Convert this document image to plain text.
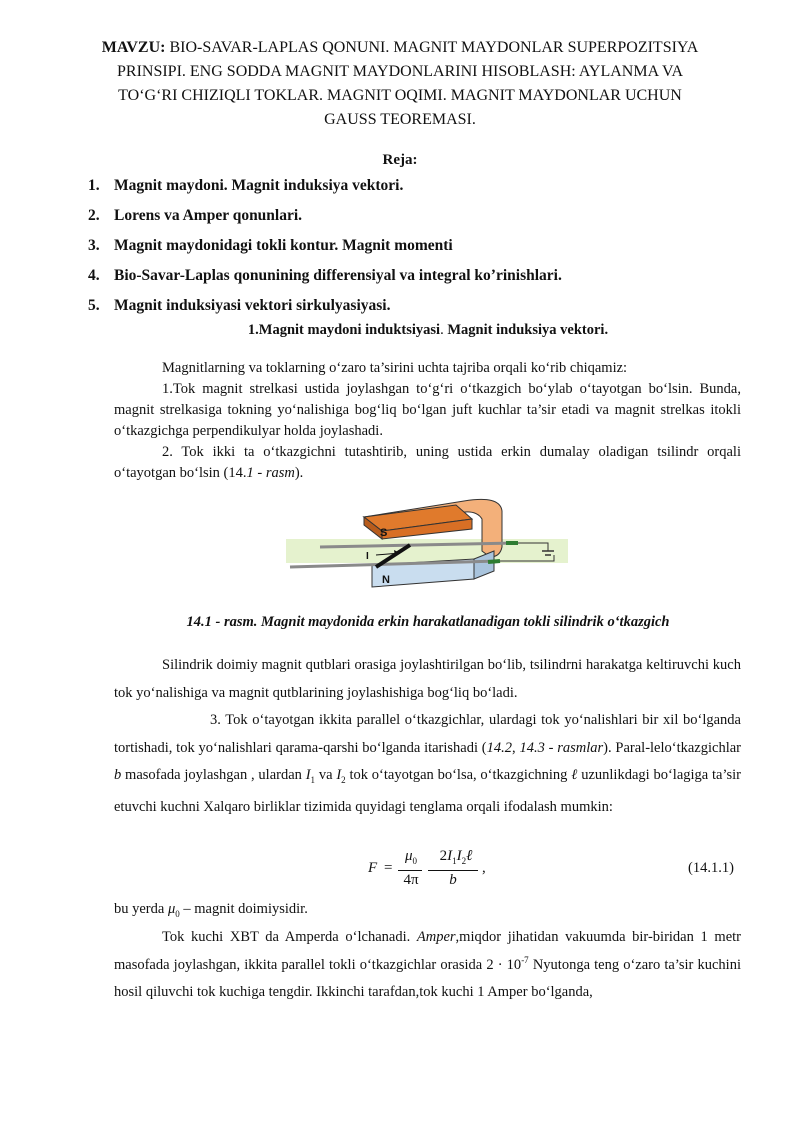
MAVZU: BIO-SAVAR-LAPLAS QONUNI. MAGNIT MAYDONLAR SUPERPOZITSIYA PRINSIPI. ENG SODDA MAGNIT MAYDONLARINI HISOBLASH: AYLANMA VA TO‘G‘RI CHIZIQLI TOKLAR. MAGNIT OQIMI. MAGNIT MAYDONLAR UCHUN GAUSS TEOREMASI.
Reja:
1. Magnit maydoni. Magnit induksiya vektori.
2. Lorens va Amper qonunlari.
3. Magnit maydonidagi tokli kontur. Magnit momenti
4. Bio-Savar-Laplas qonunining differensiyal va integral ko’rinishlari.
5. Magnit induksiyasi vektori sirkulyasiyasi.
1.Magnit maydoni induktsiyasi. Magnit induksiya vektori.

Magnitlarning va toklarning o‘zaro ta’sirini uchta tajriba orqali ko‘rib chiqamiz:

1.Tok magnit strelkasi ustida joylashgan to‘g‘ri o‘tkazgich bo‘ylab o‘tayotgan bo‘lsin. Bunda, magnit strelkasiga tokning yo‘nalishiga bog‘liq bo‘lgan juft kuchlar ta’sir etadi va magnit strelkas itokli o‘tkazgichga perpendikulyar holda joylashadi.

2. Tok ikki ta o‘tkazgichni tutashtirib, uning ustida erkin dumalay oladigan tsilindr orqali o‘tayotgan bo‘lsin (14.1 - rasm).

S
N
I
14.1 - rasm. Magnit maydonida erkin harakatlanadigan tokli silindrik o‘tkazgich

Silindrik doimiy magnit qutblari orasiga joylashtirilgan bo‘lib, tsilindrni harakatga keltiruvchi kuch tok yo‘nalishiga va magnit qutblarining joylashishiga bog‘liq bo‘ladi.

3. Tok o‘tayotgan ikkita parallel o‘tkazgichlar, ulardagi tok yo‘nalishlari bir xil bo‘lganda tortishadi, tok yo‘nalishlari qarama-qarshi bo‘lganda itarishadi (14.2, 14.3 - rasmlar). Paral-lelo‘tkazgichlar b masofada joylashgan , ulardan $I_1$ va $I_2$ tok o‘tayotgan bo‘lsa, o‘tkazgichning ℓ uzunlikdagi bo‘lagiga ta’sir etuvchi kuchni Xalqaro birliklar tizimida quyidagi tenglama orqali ifodalash mumkin:

F =
$\mu_0$
4π
$2I_1I_2\ell$
b
,	(14.1.1)

bu yerda $\mu_0$ – magnit doimiysidir.

Tok kuchi XBT da Amperda o‘lchanadi. Amper,miqdor jihatidan vakuumda bir-biridan 1 metr masofada joylashgan, ikkita parallel tokli o‘tkazgichlar orasida $2 \cdot 10^{-7}$ Nyutonga teng o‘zaro ta’sir kuchini hosil qiluvchi tok kuchiga tengdir. Ikkinchi tarafdan,tok kuchi 1 Amper bo‘lganda,
